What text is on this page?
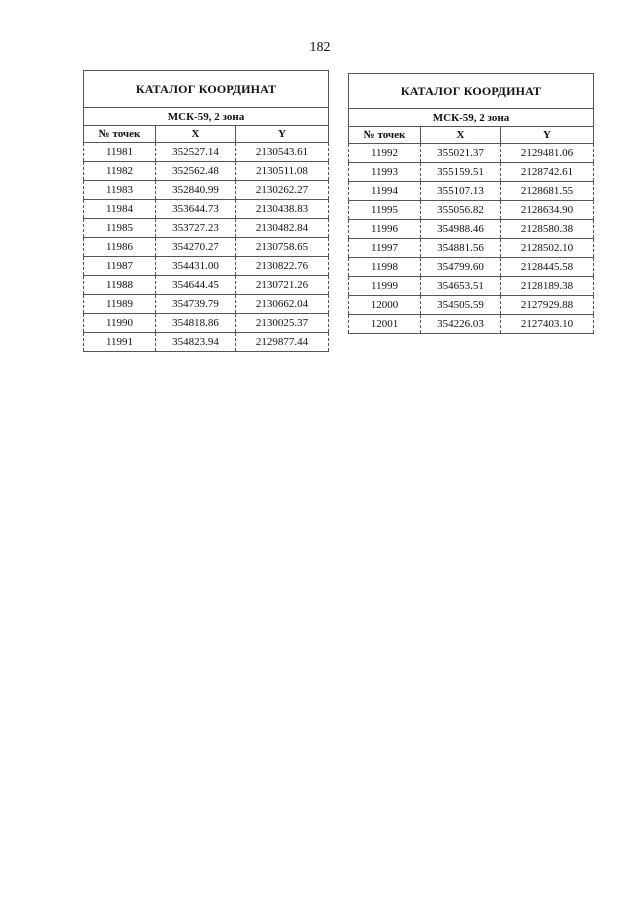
182
КАТАЛОГ КООРДИНАТ		
МСК-59, 2 зона		
№ точек	X	Y
11981	352527.14	2130543.61
11982	352562.48	2130511.08
11983	352840.99	2130262.27
11984	353644.73	2130438.83
11985	353727.23	2130482.84
11986	354270.27	2130758.65
11987	354431.00	2130822.76
11988	354644.45	2130721.26
11989	354739.79	2130662.04
11990	354818.86	2130025.37
11991	354823.94	2129877.44
КАТАЛОГ КООРДИНАТ		
МСК-59, 2 зона		
№ точек	X	Y
11992	355021.37	2129481.06
11993	355159.51	2128742.61
11994	355107.13	2128681.55
11995	355056.82	2128634.90
11996	354988.46	2128580.38
11997	354881.56	2128502.10
11998	354799.60	2128445.58
11999	354653.51	2128189.38
12000	354505.59	2127929.88
12001	354226.03	2127403.10
